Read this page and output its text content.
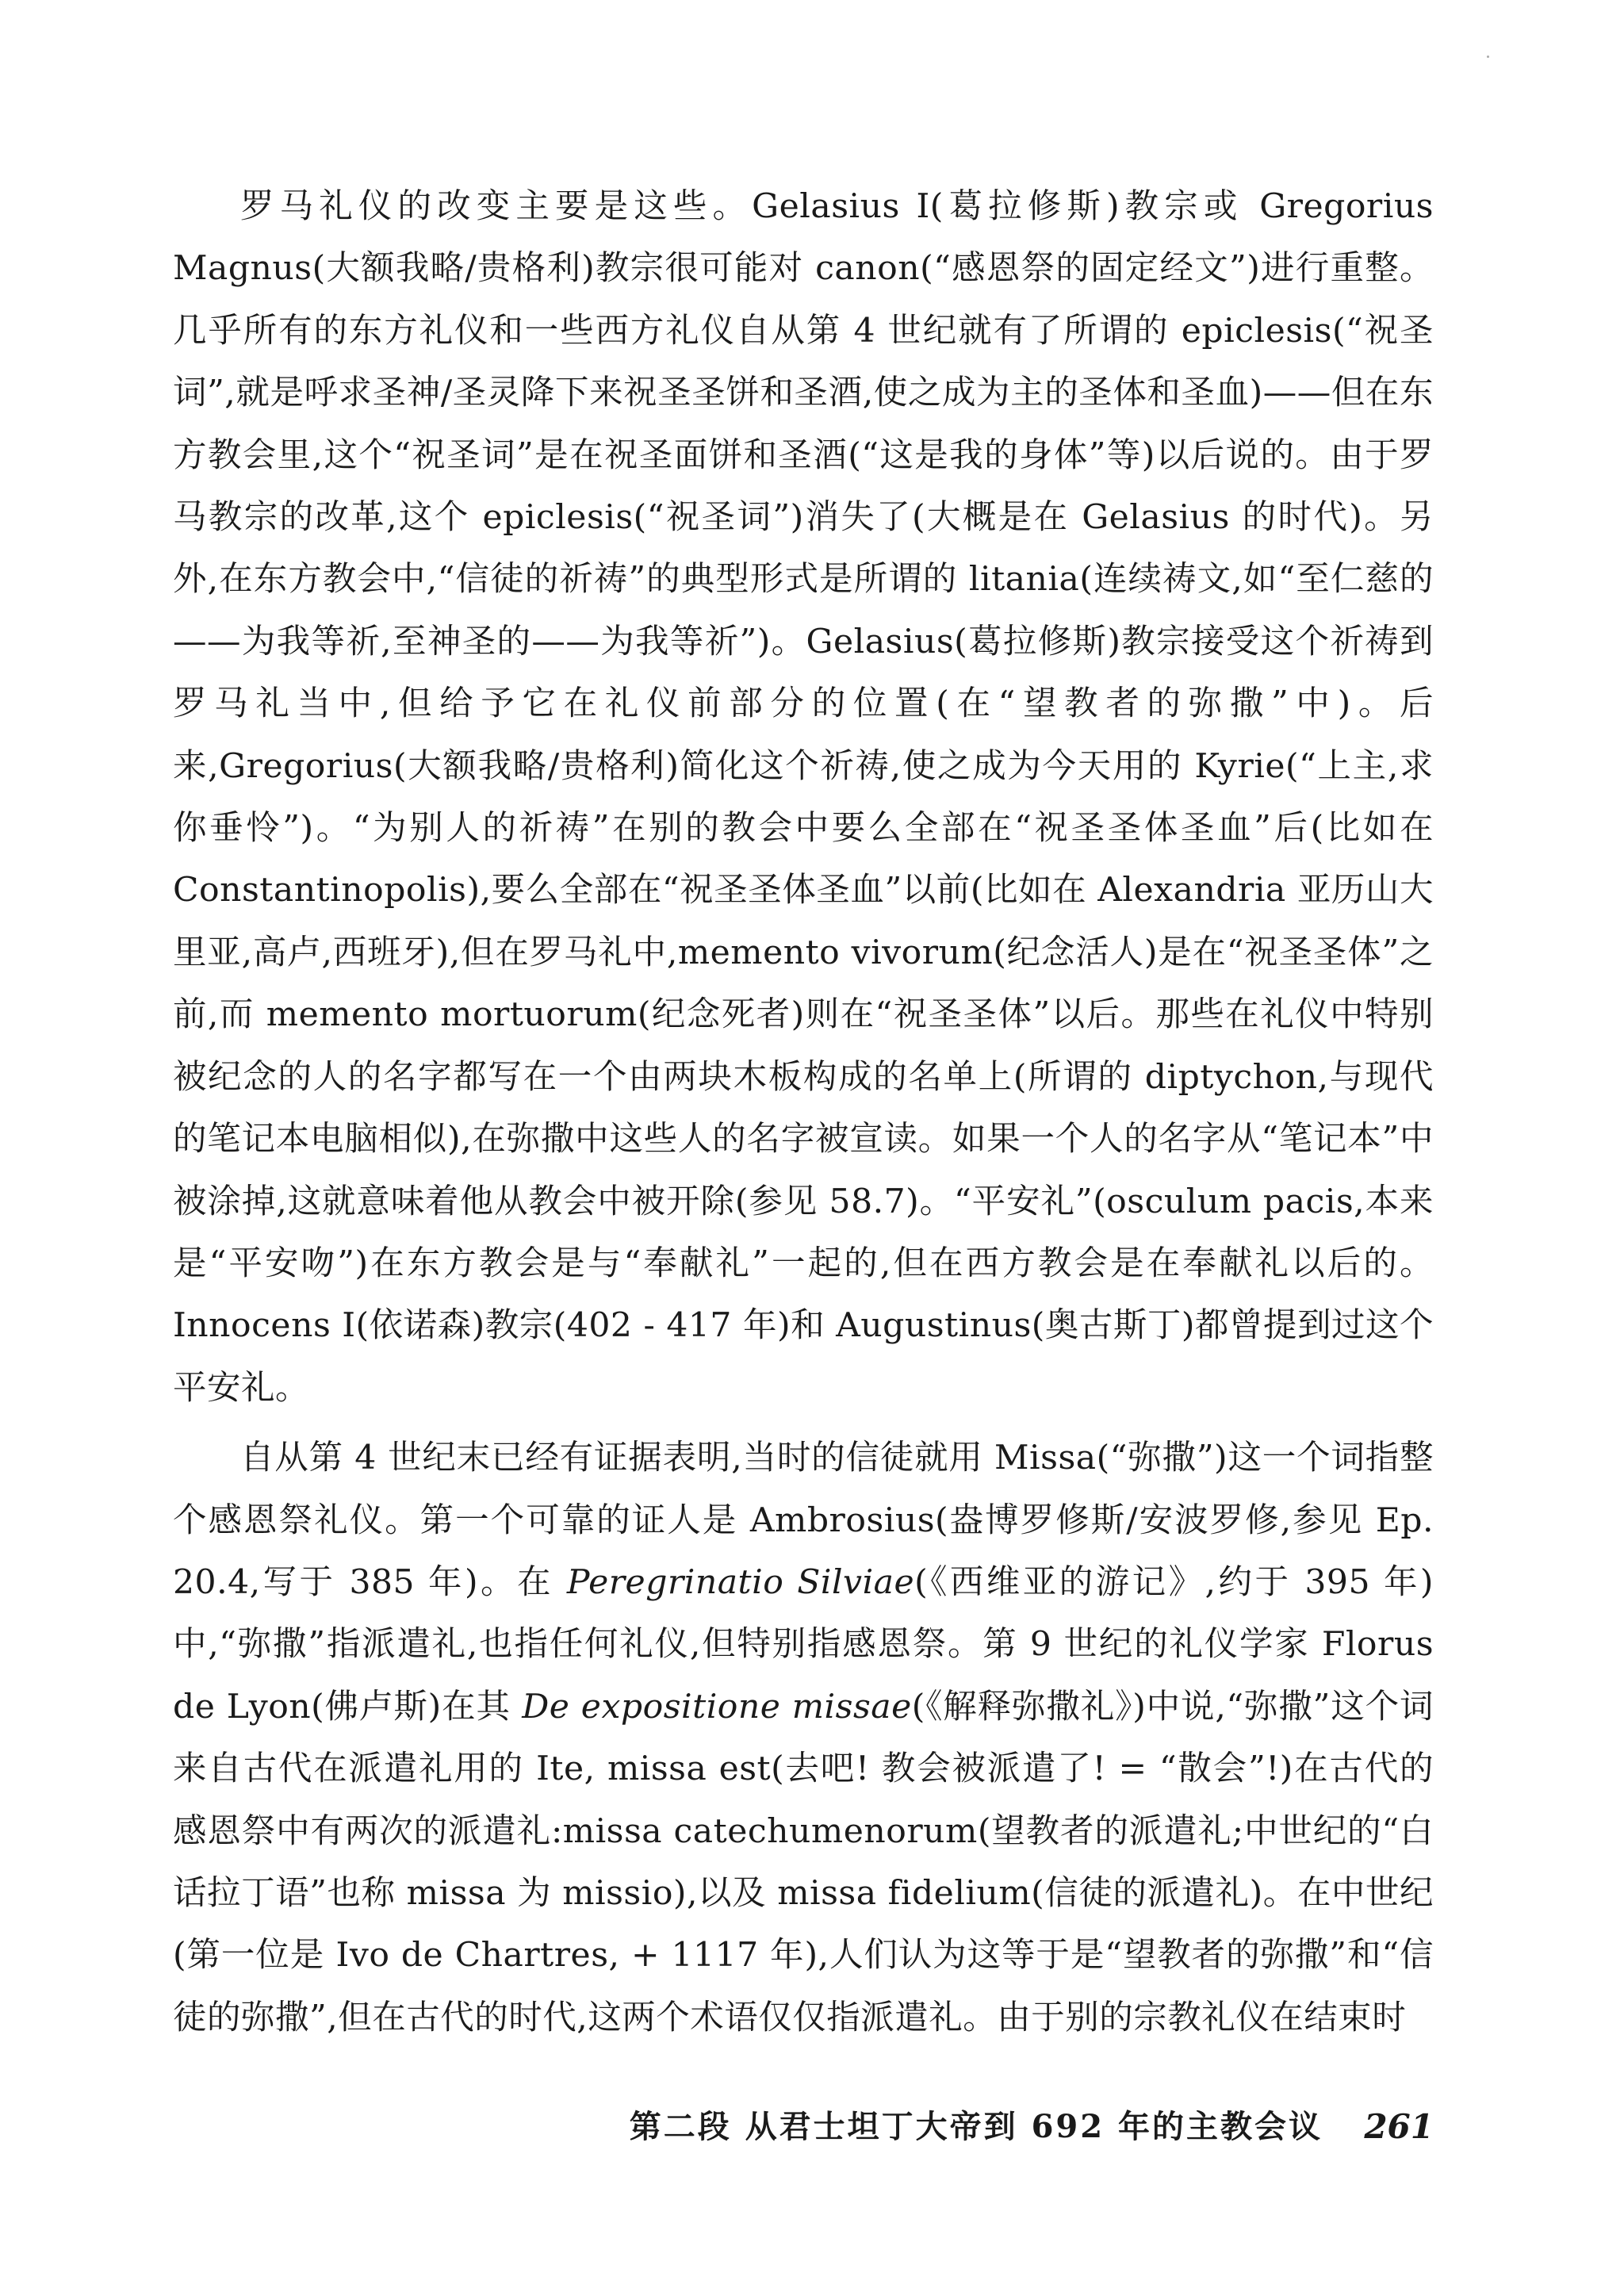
罗马礼仪的改变主要是这些。Gelasius I(葛拉修斯)教宗或 Gregorius Magnus(大额我略/贵格利)教宗很可能对 canon(“感恩祭的固定经文”)进行重整。几乎所有的东方礼仪和一些西方礼仪自从第 4 世纪就有了所谓的 epiclesis(“祝圣词”,就是呼求圣神/圣灵降下来祝圣圣饼和圣酒,使之成为主的圣体和圣血)——但在东方教会里,这个“祝圣词”是在祝圣面饼和圣酒(“这是我的身体”等)以后说的。由于罗马教宗的改革,这个 epiclesis(“祝圣词”)消失了(大概是在 Gelasius 的时代)。另外,在东方教会中,“信徒的祈祷”的典型形式是所谓的 litania(连续祷文,如“至仁慈的——为我等祈,至神圣的——为我等祈”)。Gelasius(葛拉修斯)教宗接受这个祈祷到罗马礼当中,但给予它在礼仪前部分的位置(在“望教者的弥撒”中)。后来,Gregorius(大额我略/贵格利)简化这个祈祷,使之成为今天用的 Kyrie(“上主,求你垂怜”)。“为别人的祈祷”在别的教会中要么全部在“祝圣圣体圣血”后(比如在 Constantinopolis),要么全部在“祝圣圣体圣血”以前(比如在 Alexandria 亚历山大里亚,高卢,西班牙),但在罗马礼中,memento vivorum(纪念活人)是在“祝圣圣体”之前,而 memento mortuorum(纪念死者)则在“祝圣圣体”以后。那些在礼仪中特别被纪念的人的名字都写在一个由两块木板构成的名单上(所谓的 diptychon,与现代的笔记本电脑相似),在弥撒中这些人的名字被宣读。如果一个人的名字从“笔记本”中被涂掉,这就意味着他从教会中被开除(参见 58.7)。“平安礼”(osculum pacis,本来是“平安吻”)在东方教会是与“奉献礼”一起的,但在西方教会是在奉献礼以后的。Innocens I(依诺森)教宗(402 - 417 年)和 Augustinus(奥古斯丁)都曾提到过这个平安礼。

自从第 4 世纪末已经有证据表明,当时的信徒就用 Missa(“弥撒”)这一个词指整个感恩祭礼仪。第一个可靠的证人是 Ambrosius(盎博罗修斯/安波罗修,参见 Ep. 20.4,写于 385 年)。在 Peregrinatio Silviae(《西维亚的游记》,约于 395 年)中,“弥撒”指派遣礼,也指任何礼仪,但特别指感恩祭。第 9 世纪的礼仪学家 Florus de Lyon(佛卢斯)在其 De expositione missae(《解释弥撒礼》)中说,“弥撒”这个词来自古代在派遣礼用的 Ite, missa est(去吧! 教会被派遣了! = “散会”!)在古代的感恩祭中有两次的派遣礼:missa catechumenorum(望教者的派遣礼;中世纪的“白话拉丁语”也称 missa 为 missio),以及 missa fidelium(信徒的派遣礼)。在中世纪(第一位是 Ivo de Chartres, + 1117 年),人们认为这等于是“望教者的弥撒”和“信徒的弥撒”,但在古代的时代,这两个术语仅仅指派遣礼。由于别的宗教礼仪在结束时

第二段 从君士坦丁大帝到 692 年的主教会议 261
